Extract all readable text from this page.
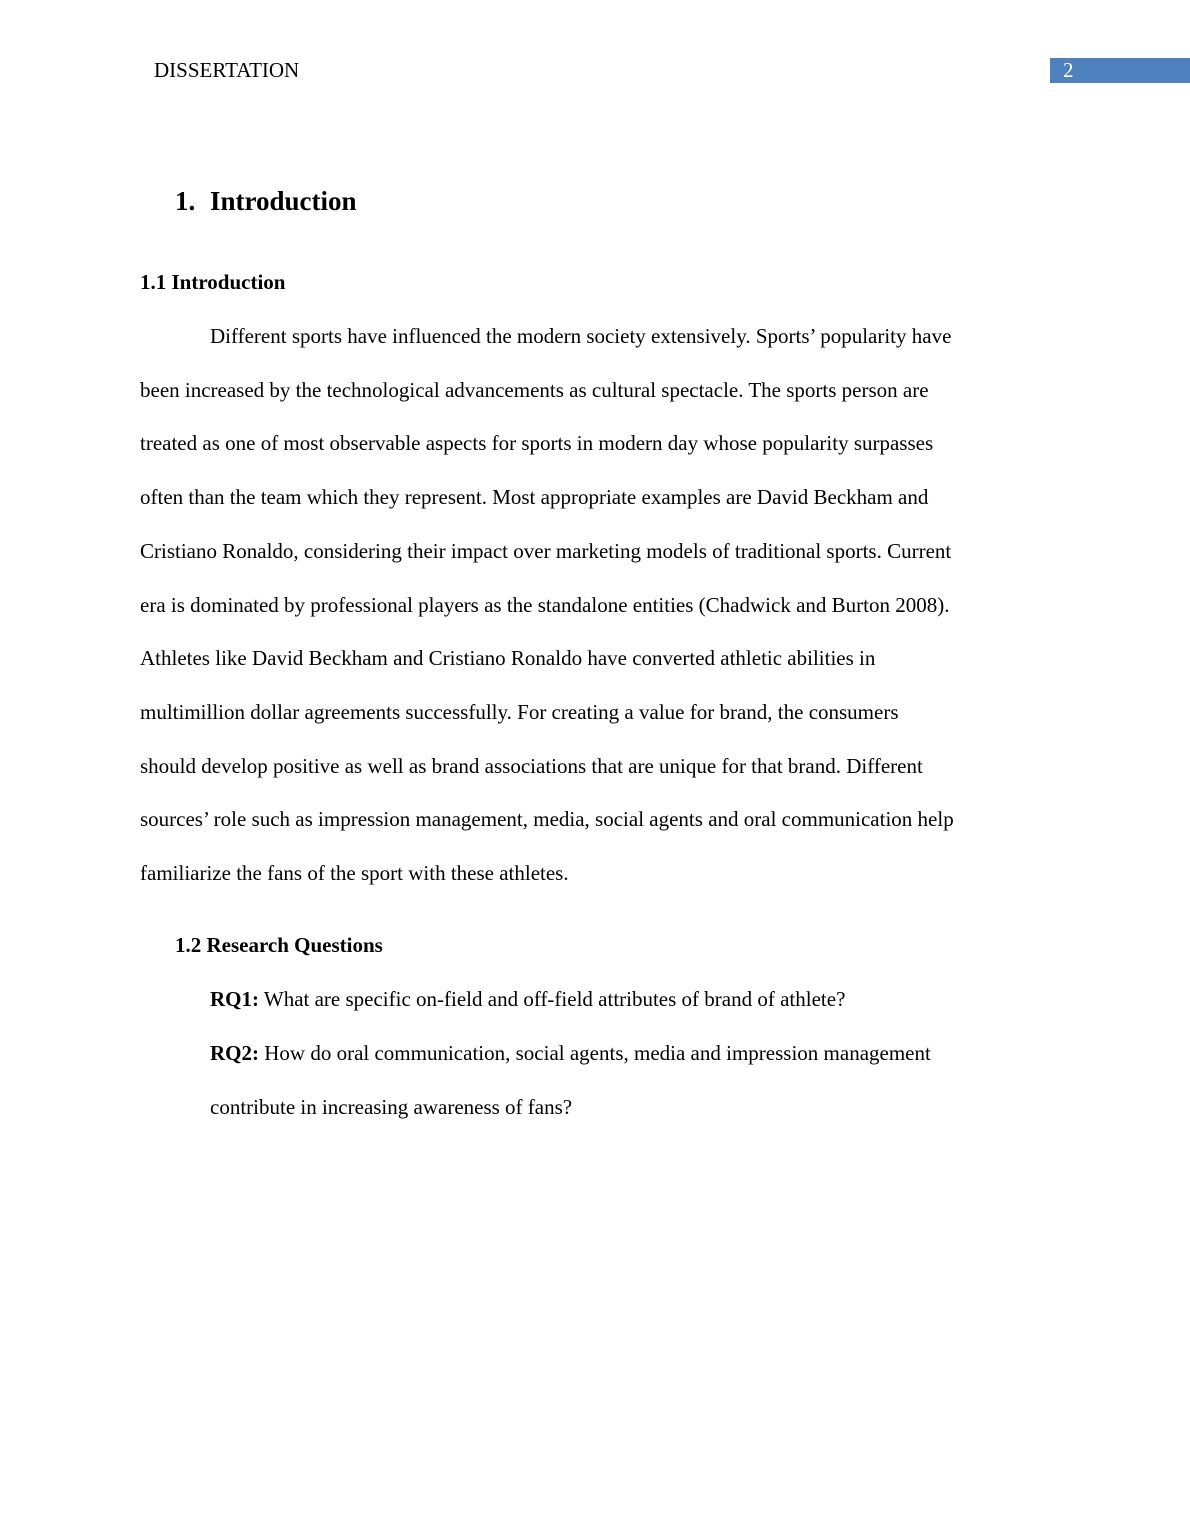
DISSERTATION	2
1. Introduction
1.1 Introduction
Different sports have influenced the modern society extensively. Sports’ popularity have
been increased by the technological advancements as cultural spectacle. The sports person are
treated as one of most observable aspects for sports in modern day whose popularity surpasses
often than the team which they represent. Most appropriate examples are David Beckham and
Cristiano Ronaldo, considering their impact over marketing models of traditional sports. Current
era is dominated by professional players as the standalone entities (Chadwick and Burton 2008).
Athletes like David Beckham and Cristiano Ronaldo have converted athletic abilities in
multimillion dollar agreements successfully. For creating a value for brand, the consumers
should develop positive as well as brand associations that are unique for that brand. Different
sources’ role such as impression management, media, social agents and oral communication help
familiarize the fans of the sport with these athletes.
1.2 Research Questions
RQ1: What are specific on-field and off-field attributes of brand of athlete?
RQ2: How do oral communication, social agents, media and impression management
contribute in increasing awareness of fans?
